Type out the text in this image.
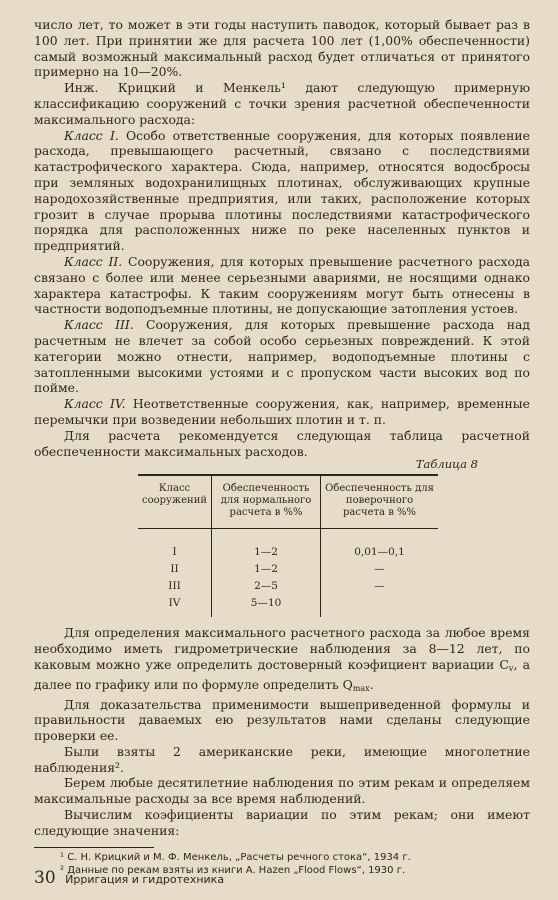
число лет, то может в эти годы наступить паводок, который бывает раз в 100 лет. При принятии же для расчета 100 лет (1,00% обеспеченности) самый возможный максимальный расход будет отличаться от принятого примерно на 10—20%.

Инж. Крицкий и Менкель¹ дают следующую примерную классификацию сооружений с точки зрения расчетной обеспеченности максимального расхода:

Класс I. Особо ответственные сооружения, для которых появление расхода, превышающего расчетный, связано с последствиями катастрофического характера. Сюда, например, относятся водосбросы при земляных водохранилищных плотинах, обслуживающих крупные народохозяйственные предприятия, или таких, расположение которых грозит в случае прорыва плотины последствиями катастрофического порядка для расположенных ниже по реке населенных пунктов и предприятий.

Класс II. Сооружения, для которых превышение расчетного расхода связано с более или менее серьезными авариями, не носящими однако характера катастрофы. К таким сооружениям могут быть отнесены в частности водоподъемные плотины, не допускающие затопления устоев.

Класс III. Сооружения, для которых превышение расхода над расчетным не влечет за собой особо серьезных повреждений. К этой категории можно отнести, например, водоподъемные плотины с затопленными высокими устоями и с пропуском части высоких вод по пойме.

Класс IV. Неответственные сооружения, как, например, временные перемычки при возведении небольших плотин и т. п.

Для расчета рекомендуется следующая таблица расчетной обеспеченности максимальных расходов.

Таблица 8
Класс сооружений	Обеспеченность для нормального расчета в %%	Обеспеченность для поверочного расчета в %%
I	1—2	0,01—0,1
II	1—2	—
III	2—5	—
IV	5—10	

Для определения максимального расчетного расхода за любое время необходимо иметь гидрометрические наблюдения за 8—12 лет, по каковым можно уже определить достоверный коэфициент вариации $C_v$, а далее по графику или по формуле определить $Q_{max}$.

Для доказательства применимости вышеприведенной формулы и правильности даваемых ею результатов нами сделаны следующие проверки ее.

Были взяты 2 американские реки, имеющие многолетние наблюдения².

Берем любые десятилетние наблюдения по этим рекам и определяем максимальные расходы за все время наблюдений.

Вычислим коэфициенты вариации по этим рекам; они имеют следующие значения:

¹ С. Н. Крицкий и М. Ф. Менкель, „Расчеты речного стока“, 1934 г.
² Данные по рекам взяты из книги A. Hazen „Flood Flows“, 1930 г.
30 Ирригация и гидротехника
